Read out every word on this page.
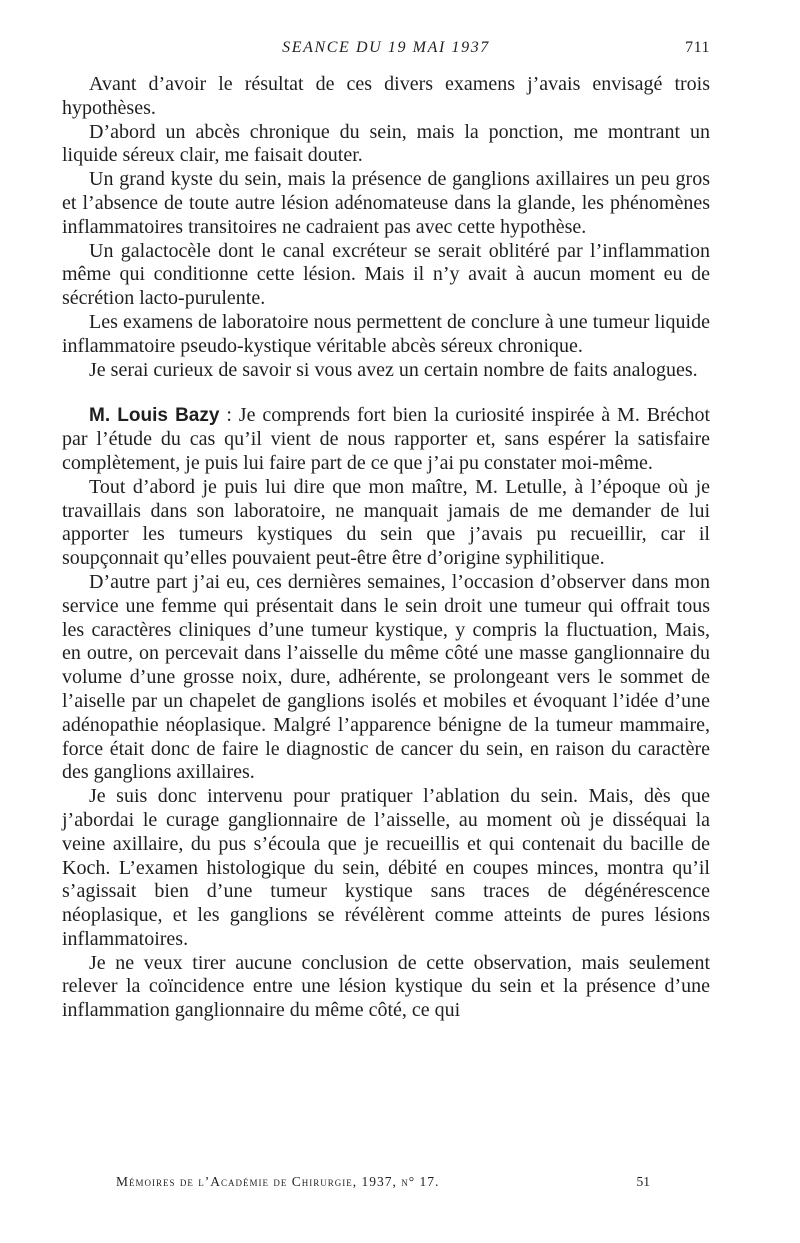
SEANCE DU 19 MAI 1937	711

Avant d’avoir le résultat de ces divers examens j’avais envisagé trois hypothèses.

D’abord un abcès chronique du sein, mais la ponction, me montrant un liquide séreux clair, me faisait douter.

Un grand kyste du sein, mais la présence de ganglions axillaires un peu gros et l’absence de toute autre lésion adénomateuse dans la glande, les phénomènes inflammatoires transitoires ne cadraient pas avec cette hypothèse.

Un galactocèle dont le canal excréteur se serait oblitéré par l’inflammation même qui conditionne cette lésion. Mais il n’y avait à aucun moment eu de sécrétion lacto-purulente.

Les examens de laboratoire nous permettent de conclure à une tumeur liquide inflammatoire pseudo-kystique véritable abcès séreux chronique.

Je serai curieux de savoir si vous avez un certain nombre de faits analogues.

M. Louis Bazy : Je comprends fort bien la curiosité inspirée à M. Bréchot par l’étude du cas qu’il vient de nous rapporter et, sans espérer la satisfaire complètement, je puis lui faire part de ce que j’ai pu constater moi-même.

Tout d’abord je puis lui dire que mon maître, M. Letulle, à l’époque où je travaillais dans son laboratoire, ne manquait jamais de me demander de lui apporter les tumeurs kystiques du sein que j’avais pu recueillir, car il soupçonnait qu’elles pouvaient peut-être être d’origine syphilitique.

D’autre part j’ai eu, ces dernières semaines, l’occasion d’observer dans mon service une femme qui présentait dans le sein droit une tumeur qui offrait tous les caractères cliniques d’une tumeur kystique, y compris la fluctuation, Mais, en outre, on percevait dans l’aisselle du même côté une masse ganglionnaire du volume d’une grosse noix, dure, adhérente, se prolongeant vers le sommet de l’aiselle par un chapelet de ganglions isolés et mobiles et évoquant l’idée d’une adénopathie néoplasique. Malgré l’apparence bénigne de la tumeur mammaire, force était donc de faire le diagnostic de cancer du sein, en raison du caractère des ganglions axillaires.

Je suis donc intervenu pour pratiquer l’ablation du sein. Mais, dès que j’abordai le curage ganglionnaire de l’aisselle, au moment où je disséquai la veine axillaire, du pus s’écoula que je recueillis et qui contenait du bacille de Koch. L’examen histologique du sein, débité en coupes minces, montra qu’il s’agissait bien d’une tumeur kystique sans traces de dégénérescence néoplasique, et les ganglions se révélèrent comme atteints de pures lésions inflammatoires.

Je ne veux tirer aucune conclusion de cette observation, mais seulement relever la coïncidence entre une lésion kystique du sein et la présence d’une inflammation ganglionnaire du même côté, ce qui

Mémoires de l’Académie de Chirurgie, 1937, n° 17.	51
